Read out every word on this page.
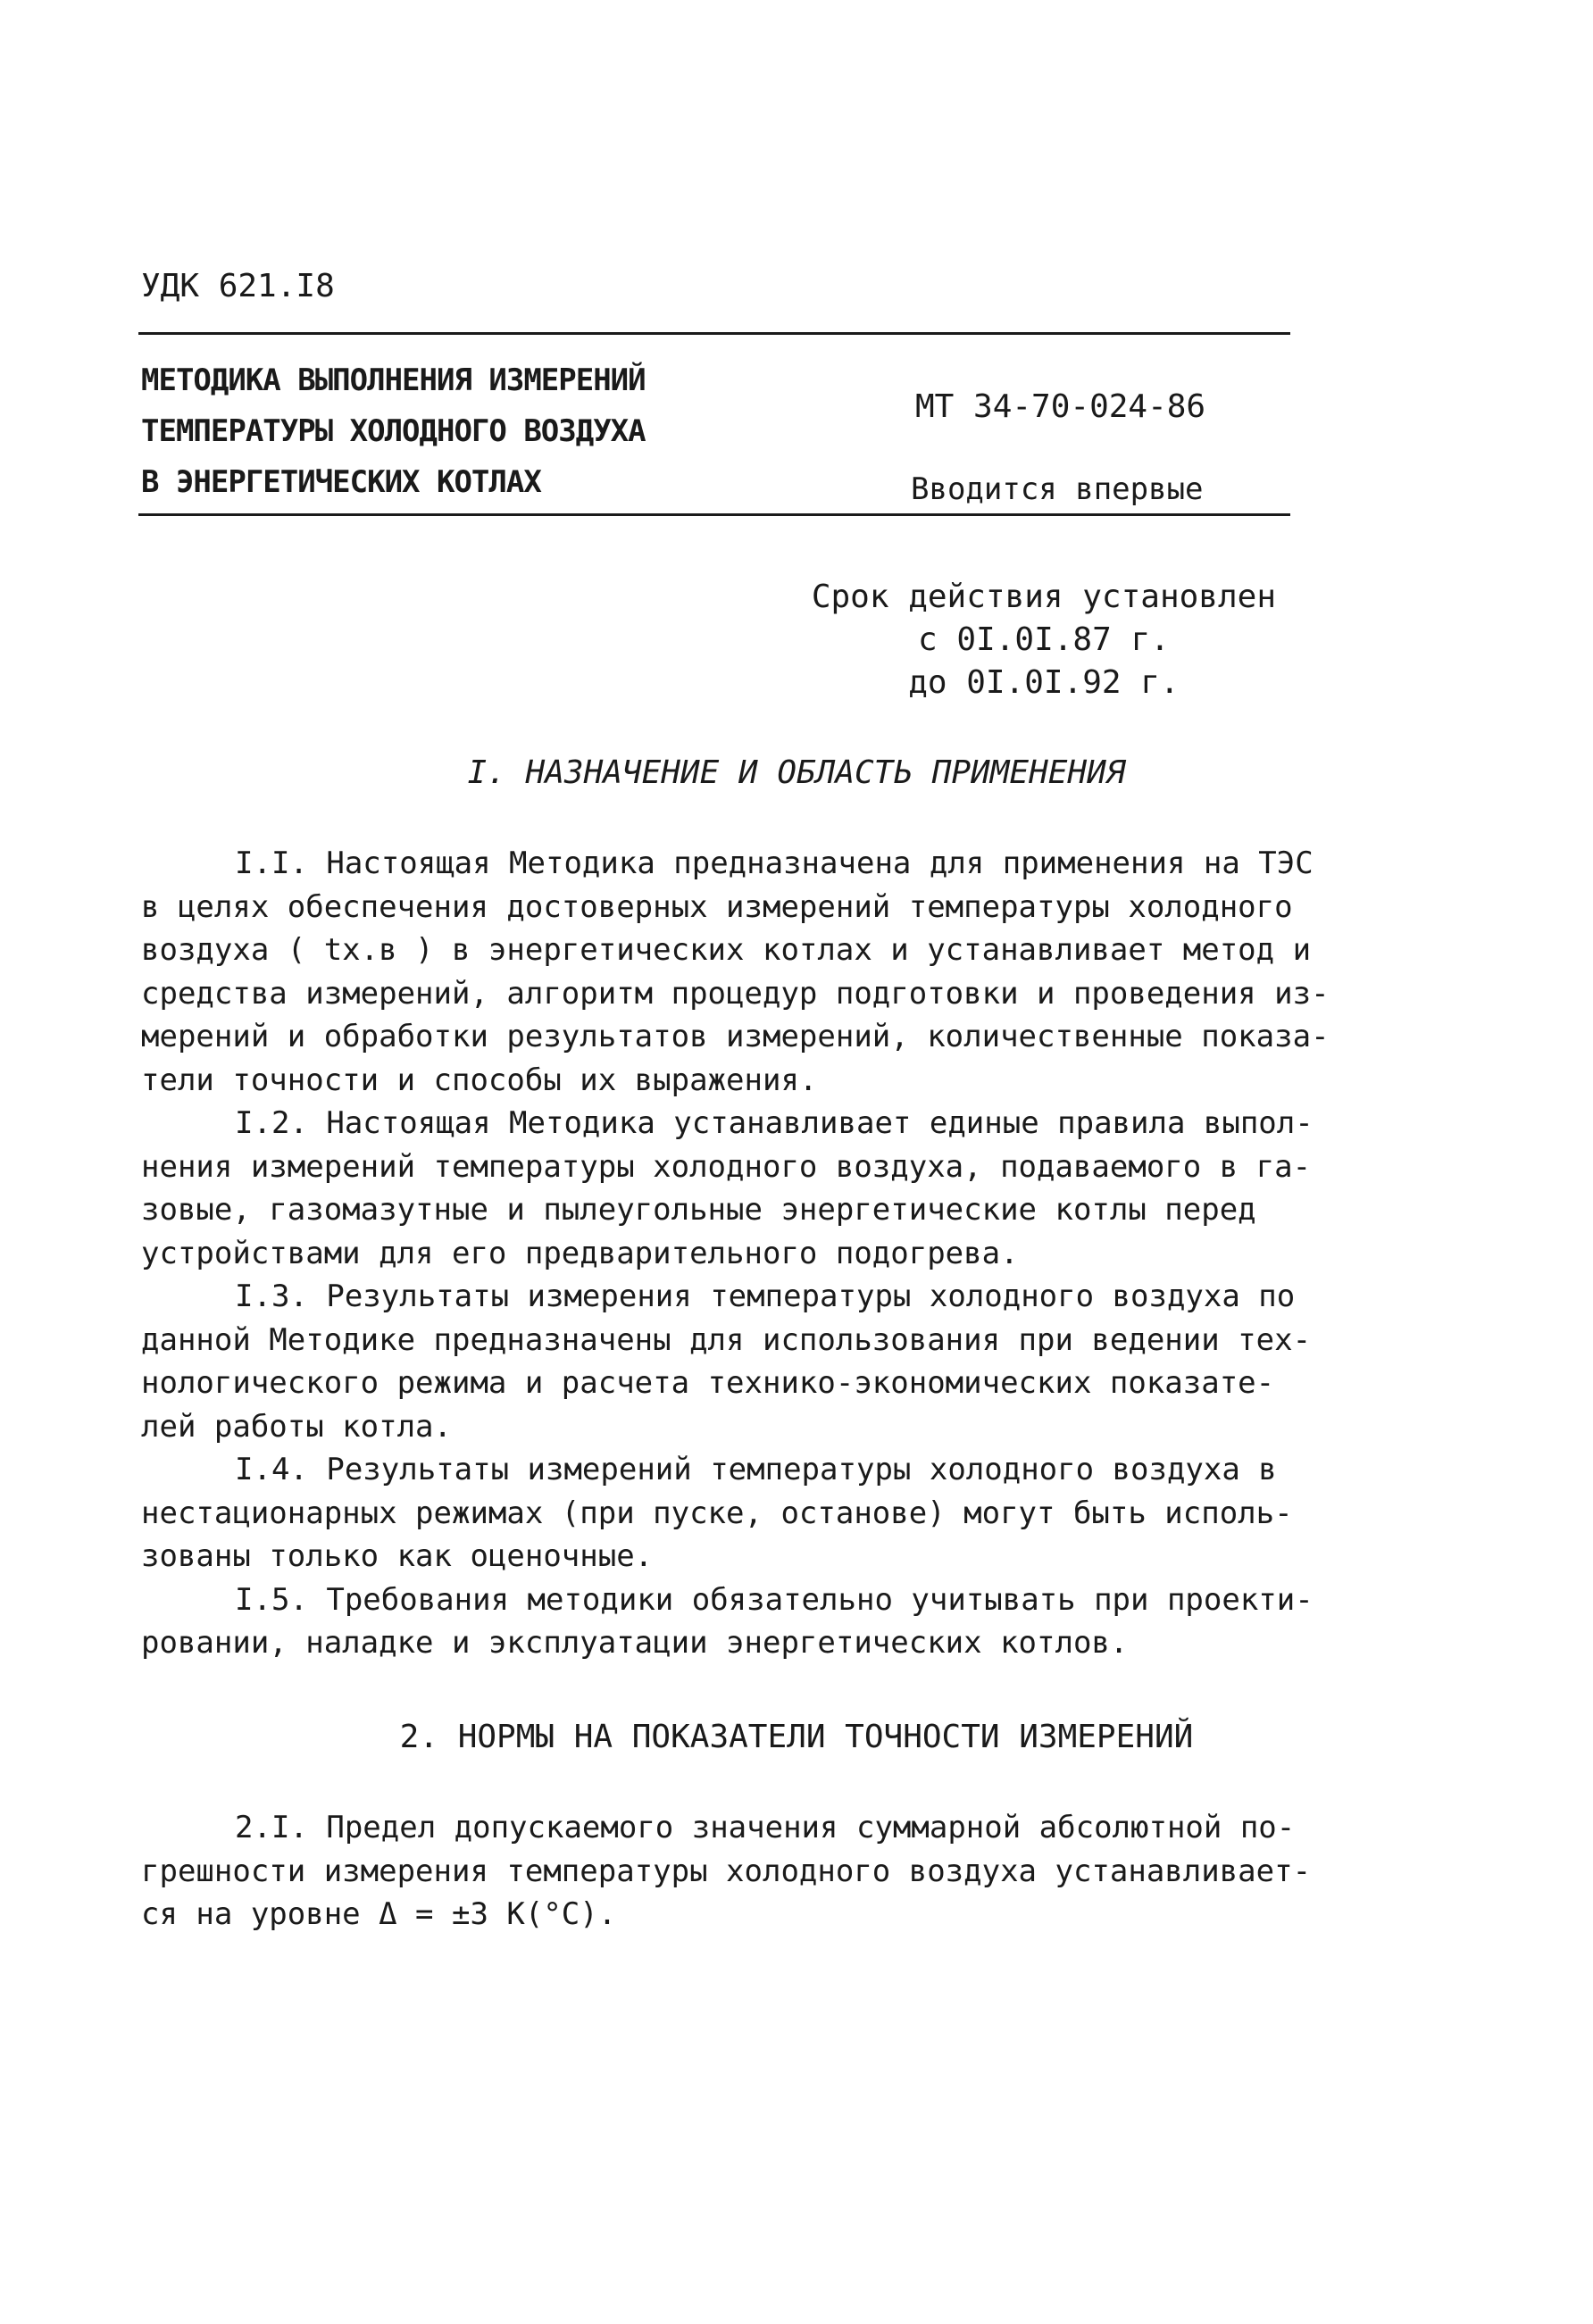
УДК 621.I8
МЕТОДИКА ВЫПОЛНЕНИЯ ИЗМЕРЕНИЙ
ТЕМПЕРАТУРЫ ХОЛОДНОГО ВОЗДУХА
В ЭНЕРГЕТИЧЕСКИХ КОТЛАХ
МТ 34-70-024-86
Вводится впервые
Срок действия установлен
с 0I.0I.87 г.
до 0I.0I.92 г.
I. НАЗНАЧЕНИЕ И ОБЛАСТЬ ПРИМЕНЕНИЯ
I.I. Настоящая Методика предназначена для применения на ТЭС
в целях обеспечения достоверных измерений температуры холодного
воздуха ( tх.в ) в энергетических котлах и устанавливает метод и
средства измерений, алгоритм процедур подготовки и проведения из-
мерений и обработки результатов измерений, количественные показа-
тели точности и способы их выражения.
I.2. Настоящая Методика устанавливает единые правила выпол-
нения измерений температуры холодного воздуха, подаваемого в га-
зовые, газомазутные и пылеугольные энергетические котлы перед
устройствами для его предварительного подогрева.
I.3. Результаты измерения температуры холодного воздуха по
данной Методике предназначены для использования при ведении тех-
нологического режима и расчета технико-экономических показате-
лей работы котла.
I.4. Результаты измерений температуры холодного воздуха в
нестационарных режимах (при пуске, останове) могут быть исполь-
зованы только как оценочные.
I.5. Требования методики обязательно учитывать при проекти-
ровании, наладке и эксплуатации энергетических котлов.
2. НОРМЫ НА ПОКАЗАТЕЛИ ТОЧНОСТИ ИЗМЕРЕНИЙ
2.I. Предел допускаемого значения суммарной абсолютной по-
грешности измерения температуры холодного воздуха устанавливает-
ся на уровне Δ = ±3 К(°С).
